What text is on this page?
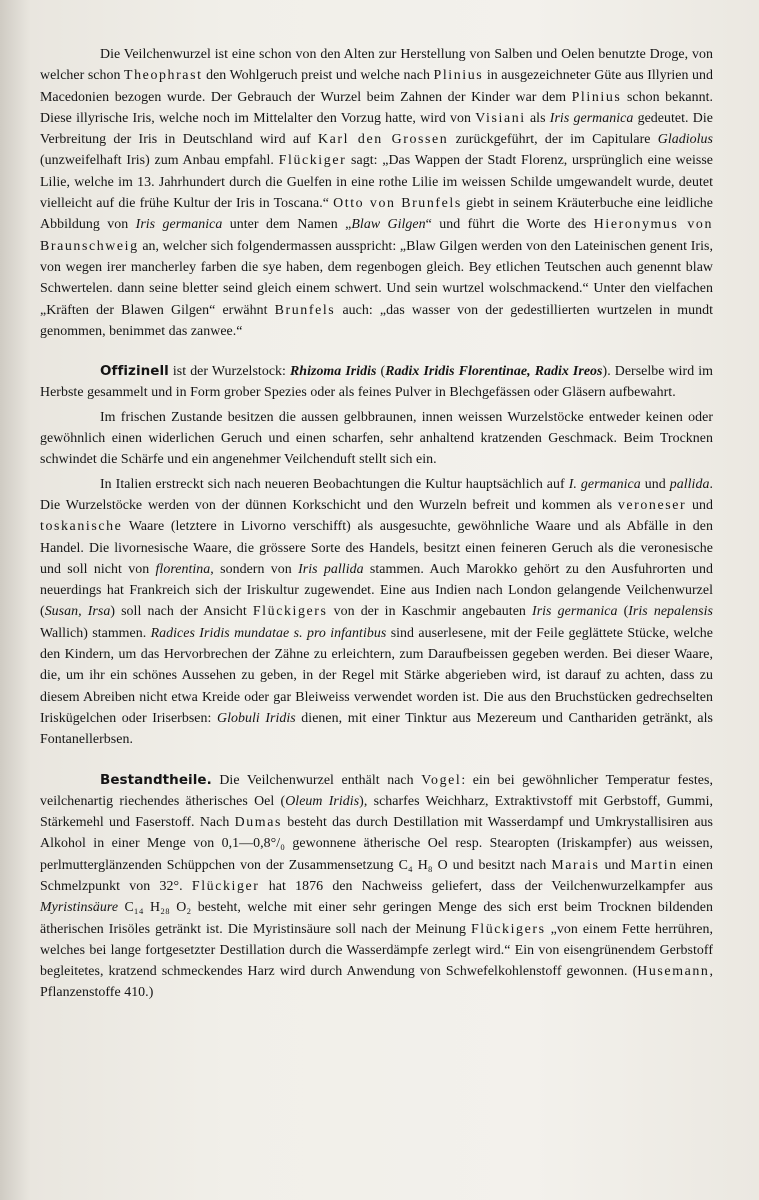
Die Veilchenwurzel ist eine schon von den Alten zur Herstellung von Salben und Oelen benutzte Droge, von welcher schon Theophrast den Wohlgeruch preist und welche nach Plinius in ausgezeichneter Güte aus Illyrien und Macedonien bezogen wurde. Der Gebrauch der Wurzel beim Zahnen der Kinder war dem Plinius schon bekannt. Diese illyrische Iris, welche noch im Mittelalter den Vorzug hatte, wird von Visiani als Iris germanica gedeutet. Die Verbreitung der Iris in Deutschland wird auf Karl den Grossen zurückgeführt, der im Capitulare Gladiolus (unzweifelhaft Iris) zum Anbau empfahl. Flückiger sagt: „Das Wappen der Stadt Florenz, ursprünglich eine weisse Lilie, welche im 13. Jahrhundert durch die Guelfen in eine rothe Lilie im weissen Schilde umgewandelt wurde, deutet vielleicht auf die frühe Kultur der Iris in Toscana.“ Otto von Brunfels giebt in seinem Kräuterbuche eine leidliche Abbildung von Iris germanica unter dem Namen „Blaw Gilgen“ und führt die Worte des Hieronymus von Braunschweig an, welcher sich folgendermassen ausspricht: „Blaw Gilgen werden von den Lateinischen genent Iris, von wegen irer mancherley farben die sye haben, dem regenbogen gleich. Bey etlichen Teutschen auch genennt blaw Schwertelen. dann seine bletter seind gleich einem schwert. Und sein wurtzel wolschmackend.“ Unter den vielfachen „Kräften der Blawen Gilgen“ erwähnt Brunfels auch: „das wasser von der gedestillierten wurtzelen in mundt genommen, benimmet das zanwee.“

Offizinell ist der Wurzelstock: Rhizoma Iridis (Radix Iridis Florentinae, Radix Ireos). Derselbe wird im Herbste gesammelt und in Form grober Spezies oder als feines Pulver in Blechgefässen oder Gläsern aufbewahrt.

Im frischen Zustande besitzen die aussen gelbbraunen, innen weissen Wurzelstöcke entweder keinen oder gewöhnlich einen widerlichen Geruch und einen scharfen, sehr anhaltend kratzenden Geschmack. Beim Trocknen schwindet die Schärfe und ein angenehmer Veilchenduft stellt sich ein.

In Italien erstreckt sich nach neueren Beobachtungen die Kultur hauptsächlich auf I. germanica und pallida. Die Wurzelstöcke werden von der dünnen Korkschicht und den Wurzeln befreit und kommen als veroneser und toskanische Waare (letztere in Livorno verschifft) als ausgesuchte, gewöhnliche Waare und als Abfälle in den Handel. Die livornesische Waare, die grössere Sorte des Handels, besitzt einen feineren Geruch als die veronesische und soll nicht von florentina, sondern von Iris pallida stammen. Auch Marokko gehört zu den Ausfuhrorten und neuerdings hat Frankreich sich der Iriskultur zugewendet. Eine aus Indien nach London gelangende Veilchenwurzel (Susan, Irsa) soll nach der Ansicht Flückigers von der in Kaschmir angebauten Iris germanica (Iris nepalensis Wallich) stammen. Radices Iridis mundatae s. pro infantibus sind auserlesene, mit der Feile geglättete Stücke, welche den Kindern, um das Hervorbrechen der Zähne zu erleichtern, zum Daraufbeissen gegeben werden. Bei dieser Waare, die, um ihr ein schönes Aussehen zu geben, in der Regel mit Stärke abgerieben wird, ist darauf zu achten, dass zu diesem Abreiben nicht etwa Kreide oder gar Bleiweiss verwendet worden ist. Die aus den Bruchstücken gedrechselten Iriskügelchen oder Iriserbsen: Globuli Iridis dienen, mit einer Tinktur aus Mezereum und Canthariden getränkt, als Fontanellerbsen.

Bestandtheile. Die Veilchenwurzel enthält nach Vogel: ein bei gewöhnlicher Temperatur festes, veilchenartig riechendes ätherisches Oel (Oleum Iridis), scharfes Weichharz, Extraktivstoff mit Gerbstoff, Gummi, Stärkemehl und Faserstoff. Nach Dumas besteht das durch Destillation mit Wasserdampf und Umkrystallisiren aus Alkohol in einer Menge von 0,1—0,8°/₀ gewonnene ätherische Oel resp. Stearopten (Iriskampfer) aus weissen, perlmutterglänzenden Schüppchen von der Zusammensetzung C₄ H₈ O und besitzt nach Marais und Martin einen Schmelzpunkt von 32°. Flückiger hat 1876 den Nachweiss geliefert, dass der Veilchenwurzelkampfer aus Myristinsäure C₁₄ H₂₈ O₂ besteht, welche mit einer sehr geringen Menge des sich erst beim Trocknen bildenden ätherischen Irisöles getränkt ist. Die Myristinsäure soll nach der Meinung Flückigers „von einem Fette herrühren, welches bei lange fortgesetzter Destillation durch die Wasserdämpfe zerlegt wird.“ Ein von eisengrünendem Gerbstoff begleitetes, kratzend schmeckendes Harz wird durch Anwendung von Schwefelkohlenstoff gewonnen. (Husemann, Pflanzenstoffe 410.)
